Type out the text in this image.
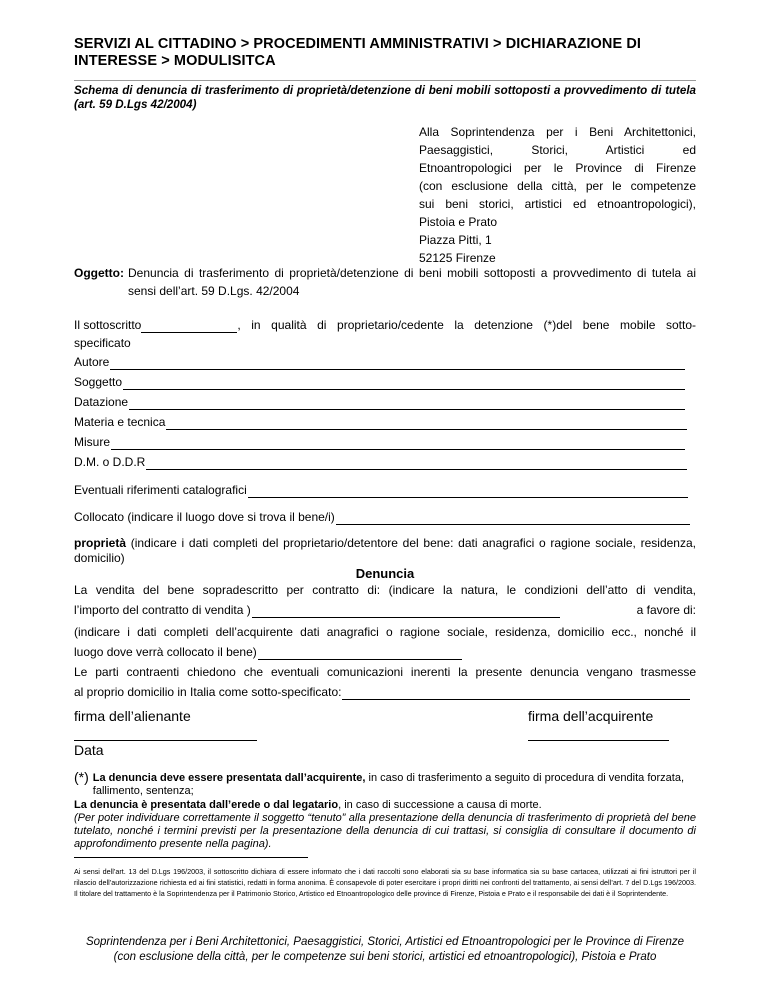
SERVIZI AL CITTADINO > PROCEDIMENTI AMMINISTRATIVI > DICHIARAZIONE DI INTERESSE > MODULISITCA
Schema di denuncia di trasferimento di proprietà/detenzione di beni mobili sottoposti a provvedimento di tutela (art. 59 D.Lgs 42/2004)
Alla Soprintendenza per i Beni Architettonici,
Paesaggistici, Storici, Artistici ed
Etnoantropologici per le Province di Firenze
(con esclusione della città, per le competenze
sui beni storici, artistici ed etnoantropologici),
Pistoia e Prato
Piazza Pitti, 1
52125 Firenze
Oggetto: Denuncia di trasferimento di proprietà/detenzione di beni mobili sottoposti a provvedimento di tutela ai sensi dell’art. 59 D.Lgs. 42/2004
Il sottoscritto	, in qualità di proprietario/cedente la detenzione (*)del bene mobile sotto-
specificato
Autore
Soggetto
Datazione
Materia e tecnica
Misure
D.M. o D.D.R
Eventuali riferimenti catalografici
Collocato (indicare il luogo dove si trova il bene/i)
proprietà (indicare i dati completi del proprietario/detentore del bene: dati anagrafici o ragione sociale, residenza, domicilio)
Denuncia
La vendita del bene sopradescritto per contratto di: (indicare la natura, le condizioni dell’atto di vendita,
l’importo del contratto di vendita )	a favore di:
(indicare i dati completi dell’acquirente dati anagrafici o ragione sociale, residenza, domicilio ecc., nonché il
luogo dove verrà collocato il bene)
Le parti contraenti chiedono che eventuali comunicazioni inerenti la presente denuncia vengano trasmesse
al proprio domicilio in Italia come sotto-specificato:
firma dell’alienante	firma dell’acquirente
Data
(*) La denuncia deve essere presentata dall’acquirente, in caso di trasferimento a seguito di procedura di vendita forzata, fallimento, sentenza;
La denuncia è presentata dall’erede o dal legatario, in caso di successione a causa di morte.
(Per poter individuare correttamente il soggetto “tenuto” alla presentazione della denuncia di trasferimento di proprietà del bene tutelato, nonché i termini previsti per la presentazione della denuncia di cui trattasi, si consiglia di consultare il documento di approfondimento presente nella pagina).
Ai sensi dell’art. 13 del D.Lgs 196/2003, il sottoscritto dichiara di essere informato che i dati raccolti sono elaborati sia su base informatica sia su base cartacea, utilizzati ai fini istruttori per il rilascio dell’autorizzazione richiesta ed ai fini statistici, redatti in forma anonima. È consapevole di poter esercitare i propri diritti nei confronti del trattamento, ai sensi dell’art. 7 del D.Lgs 196/2003. Il titolare del trattamento è la Soprintendenza per il Patrimonio Storico, Artistico ed Etnoantropologico delle province di Firenze, Pistoia e Prato e il responsabile dei dati è il Soprintendente.
Soprintendenza per i Beni Architettonici, Paesaggistici, Storici, Artistici ed Etnoantropologici per le Province di Firenze
(con esclusione della città, per le competenze sui beni storici, artistici ed etnoantropologici), Pistoia e Prato
